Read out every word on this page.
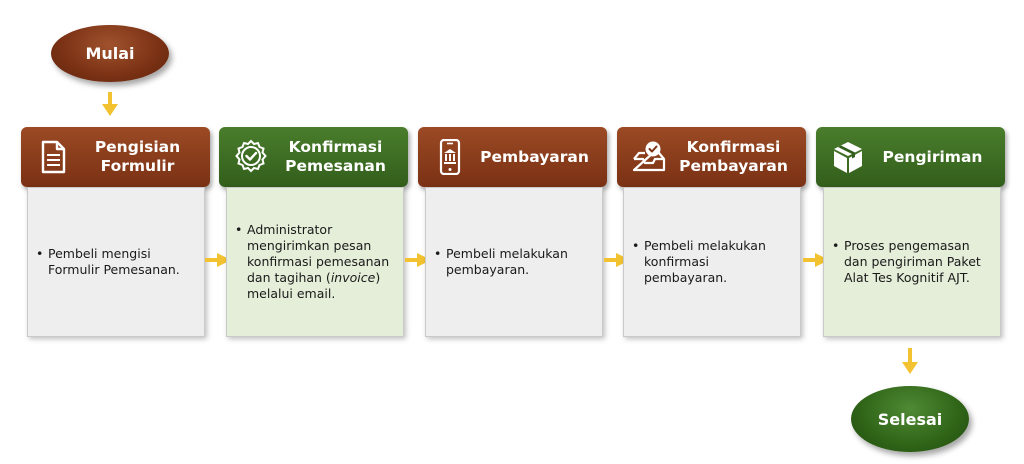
Mulai
Pengisian
Formulir
• Pembeli mengisi Formulir Pemesanan.
Konfirmasi
Pemesanan
• Administrator mengirimkan pesan konfirmasi pemesanan dan tagihan (invoice) melalui email.
Pembayaran
• Pembeli melakukan pembayaran.
Konfirmasi
Pembayaran
• Pembeli melakukan konfirmasi pembayaran.
Pengiriman
• Proses pengemasan dan pengiriman Paket Alat Tes Kognitif AJT.
Selesai
